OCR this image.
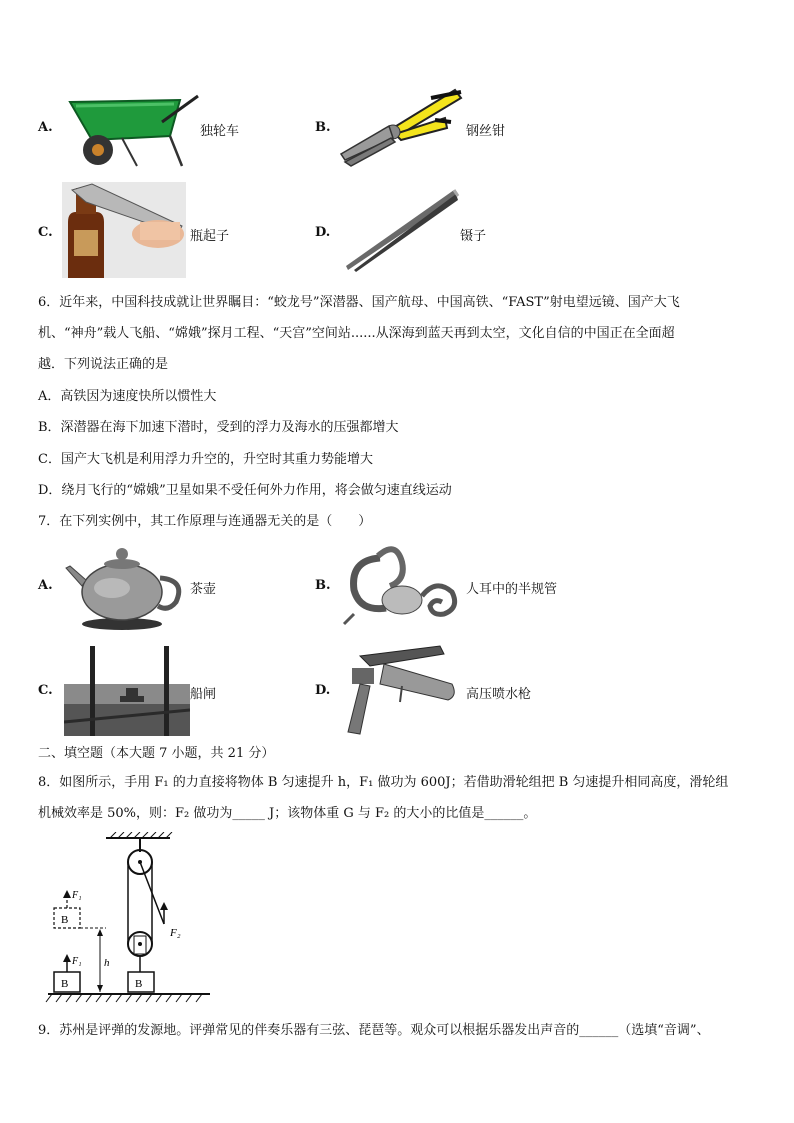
A.	独轮车	B.	钢丝钳
C.	瓶起子	D.	镊子
6．近年来，中国科技成就让世界瞩目：“蛟龙号”深潜器、国产航母、中国高铁、“FAST”射电望远镜、国产大飞
机、“神舟”载人飞船、“嫦娥”探月工程、“天宫”空间站......从深海到蓝天再到太空，文化自信的中国正在全面超
越．下列说法正确的是
A．高铁因为速度快所以惯性大
B．深潜器在海下加速下潜时，受到的浮力及海水的压强都增大
C．国产大飞机是利用浮力升空的，升空时其重力势能增大
D．绕月飞行的“嫦娥”卫星如果不受任何外力作用，将会做匀速直线运动
7．在下列实例中，其工作原理与连通器无关的是（　　）
A.	茶壶	B.	人耳中的半规管
C.	船闸	D.	高压喷水枪
二、填空题（本大题 7 小题，共 21 分）
8．如图所示，手用 F₁ 的力直接将物体 B 匀速提升 h，F₁ 做功为 600J；若借助滑轮组把 B 匀速提升相同高度，滑轮组
机械效率是 50%，则：F₂ 做功为_____ J；该物体重 G 与 F₂ 的大小的比值是______。
F₂
B
B
F₁
B
F₁
h
9．苏州是评弹的发源地。评弹常见的伴奏乐器有三弦、琵琶等。观众可以根据乐器发出声音的______（选填“音调”、
